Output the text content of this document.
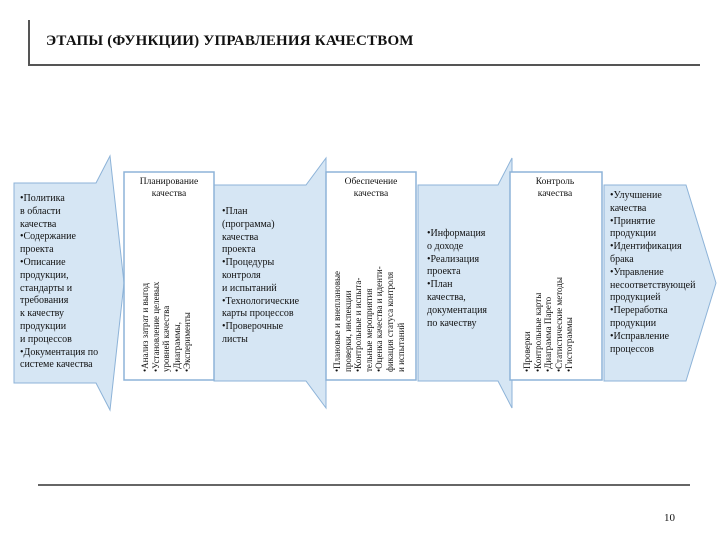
ЭТАПЫ (ФУНКЦИИ) УПРАВЛЕНИЯ КАЧЕСТВОМ
•Политика
в области
качества
•Содержание
проекта
•Описание
продукции,
стандарты и
требования
к качеству
продукции
и процессов
•Документация по
системе качества
Планирование
качества
•Анализ затрат и выгод •Установление целевых уровней качества •Диаграммы, •Эксперименты
•План
(программа)
качества
проекта
•Процедуры
контроля
и испытаний
•Технологические
карты процессов
•Проверочные
листы
Обеспечение
качества
•Плановые и внеплановые проверки, инспекции •Контрольные и испыта- тельные мероприятия •Оценка качества и иденти- фикация статуса контроля и испытаний
•Информация
о доходе
•Реализация
проекта
•План
качества,
документация
по качеству
Контроль
качества
•Проверки •Контрольные карты •Диаграмма Парето •Статистические методы •Гистограммы
•Улучшение
качества
•Принятие
продукции
•Идентификация
брака
•Управление
несоответствующей
продукцией
•Переработка
продукции
•Исправление
процессов
10
